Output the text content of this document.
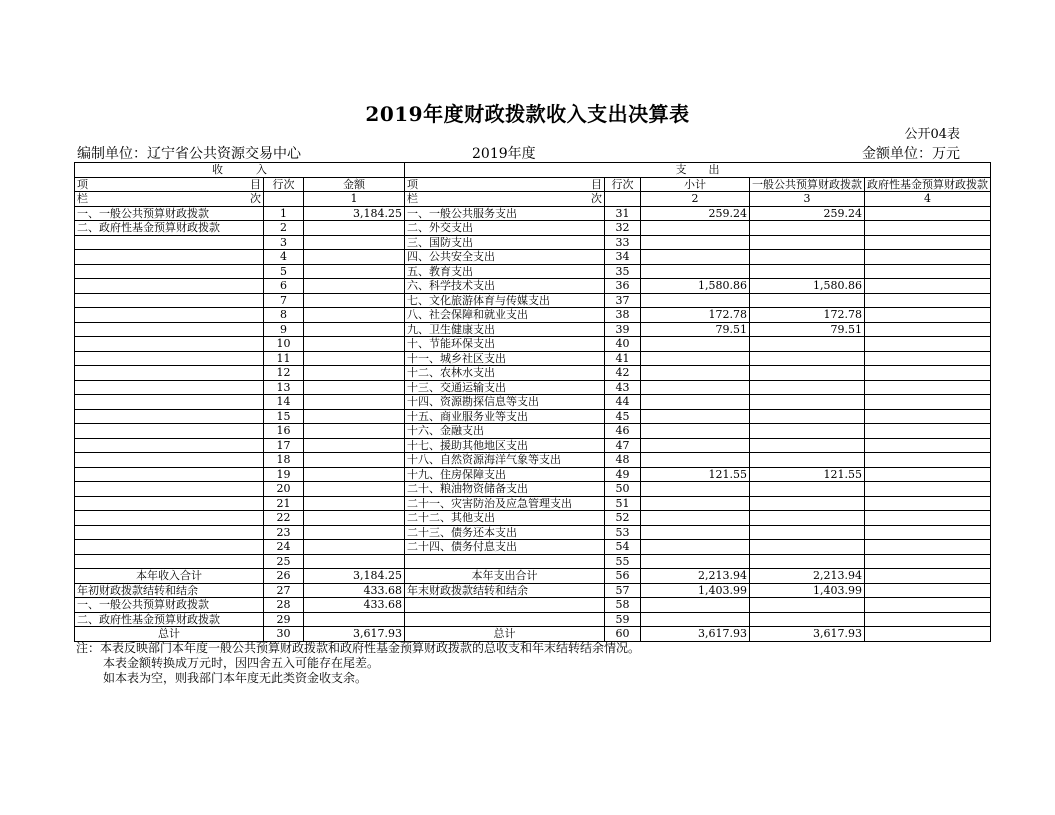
2019年度财政拨款收入支出决算表
公开04表
编制单位：辽宁省公共资源交易中心	2019年度	金额单位：万元
收　　　入			支　　出				

项 目	行次	金额	项 目	行次	小计	一般公共预算财政拨款	政府性基金预算财政拨款

栏 次		1	栏 次		2	3	4
一、一般公共预算财政拨款	1	3,184.25	一、一般公共服务支出	31	259.24	259.24	
二、政府性基金预算财政拨款	2		二、外交支出	32			
	3		三、国防支出	33			
	4		四、公共安全支出	34			
	5		五、教育支出	35			
	6		六、科学技术支出	36	1,580.86	1,580.86	
	7		七、文化旅游体育与传媒支出	37			
	8		八、社会保障和就业支出	38	172.78	172.78	
	9		九、卫生健康支出	39	79.51	79.51	
	10		十、节能环保支出	40			
	11		十一、城乡社区支出	41			
	12		十二、农林水支出	42			
	13		十三、交通运输支出	43			
	14		十四、资源勘探信息等支出	44			
	15		十五、商业服务业等支出	45			
	16		十六、金融支出	46			
	17		十七、援助其他地区支出	47			
	18		十八、自然资源海洋气象等支出	48			
	19		十九、住房保障支出	49	121.55	121.55	
	20		二十、粮油物资储备支出	50			
	21		二十一、灾害防治及应急管理支出	51			
	22		二十二、其他支出	52			
	23		二十三、债务还本支出	53			
	24		二十四、债务付息支出	54			
	25			55			
本年收入合计	26	3,184.25	本年支出合计	56	2,213.94	2,213.94	
年初财政拨款结转和结余	27	433.68	年末财政拨款结转和结余	57	1,403.99	1,403.99	
一、一般公共预算财政拨款	28	433.68		58			
二、政府性基金预算财政拨款	29			59			
总计	30	3,617.93	总计	60	3,617.93	3,617.93	
注：本表反映部门本年度一般公共预算财政拨款和政府性基金预算财政拨款的总收支和年末结转结余情况。
本表金额转换成万元时，因四舍五入可能存在尾差。
如本表为空，则我部门本年度无此类资金收支余。
